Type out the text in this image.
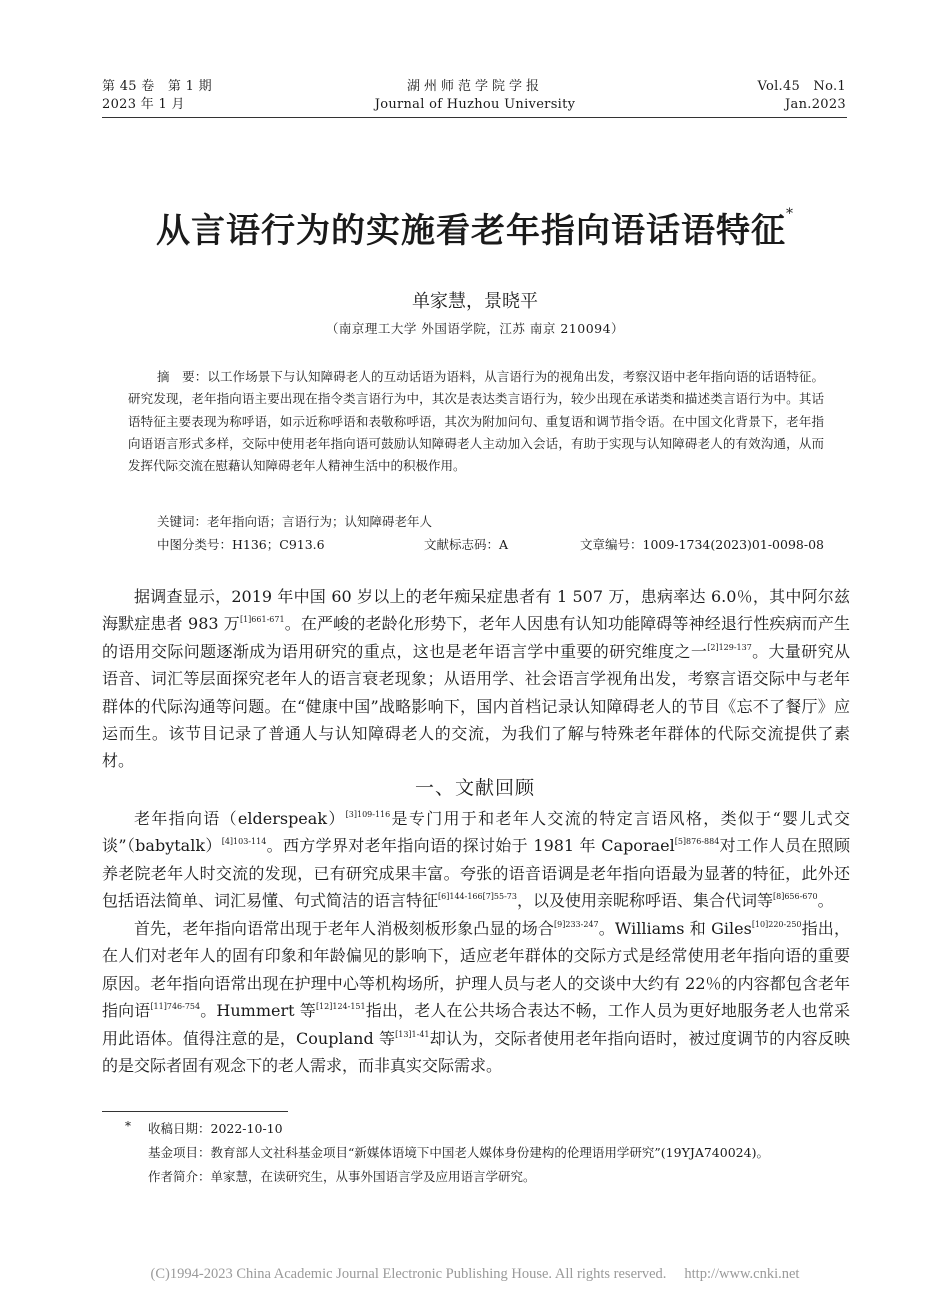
第 45 卷　第 1 期
2023 年 1 月
湖州师范学院学报
Journal of Huzhou University
Vol.45　No.1
Jan.2023
从言语行为的实施看老年指向语话语特征*
单家慧，景晓平
（南京理工大学 外国语学院，江苏 南京 210094）
摘　要：以工作场景下与认知障碍老人的互动话语为语料，从言语行为的视角出发，考察汉语中老年指向语的话语特征。研究发现，老年指向语主要出现在指令类言语行为中，其次是表达类言语行为，较少出现在承诺类和描述类言语行为中。其话语特征主要表现为称呼语，如示近称呼语和表敬称呼语，其次为附加问句、重复语和调节指令语。在中国文化背景下，老年指向语语言形式多样，交际中使用老年指向语可鼓励认知障碍老人主动加入会话，有助于实现与认知障碍老人的有效沟通，从而发挥代际交流在慰藉认知障碍老年人精神生活中的积极作用。
关键词：老年指向语；言语行为；认知障碍老年人
中图分类号：H136；C913.6	文献标志码：A	文章编号：1009-1734(2023)01-0098-08
据调查显示，2019 年中国 60 岁以上的老年痴呆症患者有 1 507 万，患病率达 6.0％，其中阿尔兹海默症患者 983 万$^{[1]661-671}$。在严峻的老龄化形势下，老年人因患有认知功能障碍等神经退行性疾病而产生的语用交际问题逐渐成为语用研究的重点，这也是老年语言学中重要的研究维度之一$^{[2]129-137}$。大量研究从语音、词汇等层面探究老年人的语言衰老现象；从语用学、社会语言学视角出发，考察言语交际中与老年群体的代际沟通等问题。在“健康中国”战略影响下，国内首档记录认知障碍老人的节目《忘不了餐厅》应运而生。该节目记录了普通人与认知障碍老人的交流，为我们了解与特殊老年群体的代际交流提供了素材。
一、文献回顾
老年指向语（elderspeak）$^{[3]109-116}$是专门用于和老年人交流的特定言语风格，类似于“婴儿式交谈”（babytalk）$^{[4]103-114}$。西方学界对老年指向语的探讨始于 1981 年 Caporael$^{[5]876-884}$对工作人员在照顾养老院老年人时交流的发现，已有研究成果丰富。夸张的语音语调是老年指向语最为显著的特征，此外还包括语法简单、词汇易懂、句式简洁的语言特征$^{[6]144-166[7]55-73}$，以及使用亲昵称呼语、集合代词等$^{[8]656-670}$。
首先，老年指向语常出现于老年人消极刻板形象凸显的场合$^{[9]233-247}$。Williams 和 Giles$^{[10]220-250}$指出，在人们对老年人的固有印象和年龄偏见的影响下，适应老年群体的交际方式是经常使用老年指向语的重要原因。老年指向语常出现在护理中心等机构场所，护理人员与老人的交谈中大约有 22％的内容都包含老年指向语$^{[11]746-754}$。Hummert 等$^{[12]124-151}$指出，老人在公共场合表达不畅，工作人员为更好地服务老人也常采用此语体。值得注意的是，Coupland 等$^{[13]1-41}$却认为，交际者使用老年指向语时，被过度调节的内容反映的是交际者固有观念下的老人需求，而非真实交际需求。
* 收稿日期：2022-10-10
基金项目：教育部人文社科基金项目“新媒体语境下中国老人媒体身份建构的伦理语用学研究”(19YJA740024)。
作者简介：单家慧，在读研究生，从事外国语言学及应用语言学研究。
(C)1994-2023 China Academic Journal Electronic Publishing House. All rights reserved. http://www.cnki.net
